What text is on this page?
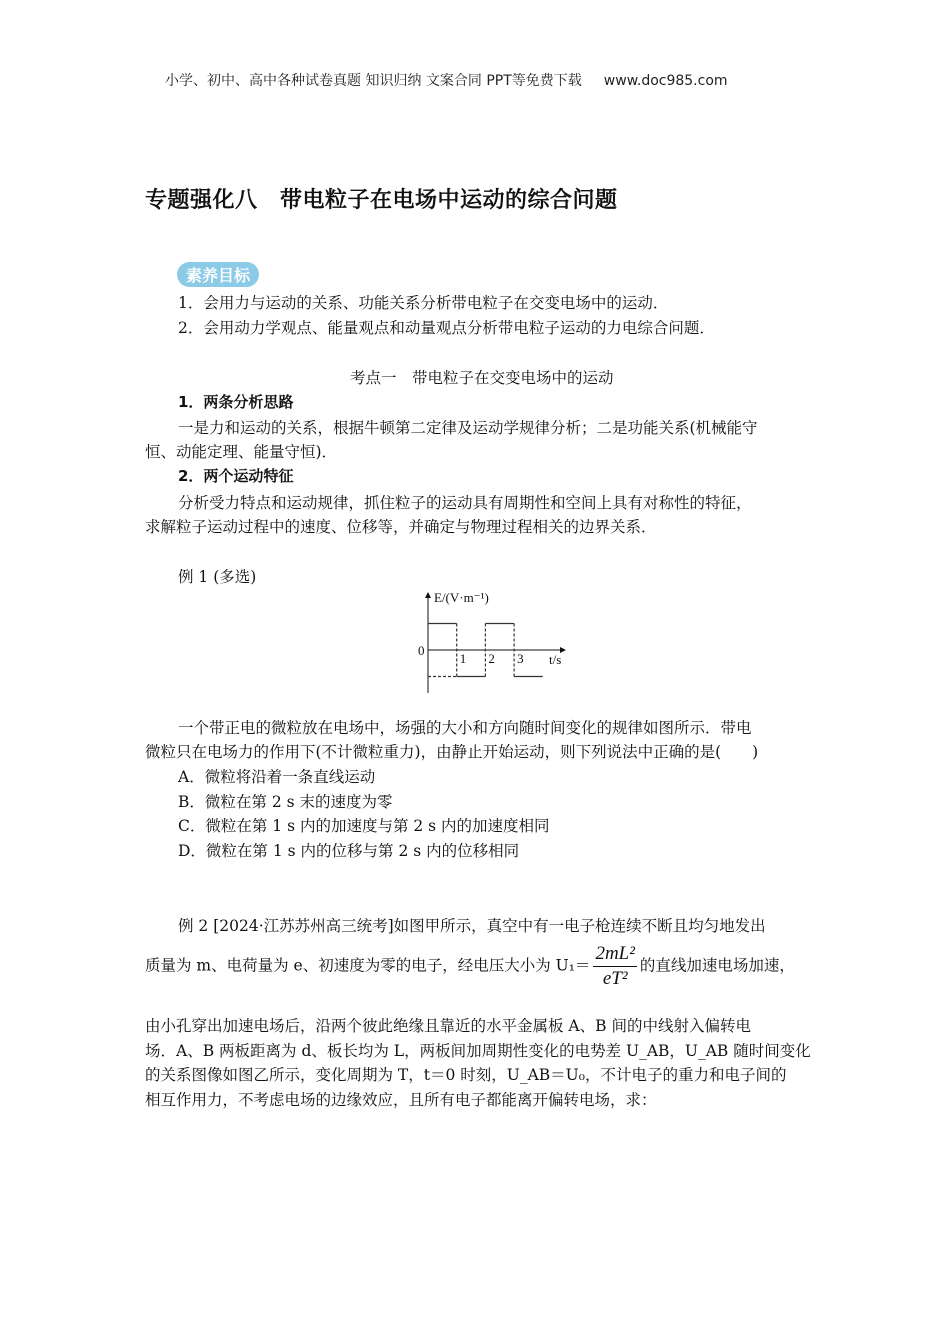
小学、初中、高中各种试卷真题 知识归纳 文案合同 PPT等免费下载 www.doc985.com
专题强化八　带电粒子在电场中运动的综合问题
素养目标
1．会用力与运动的关系、功能关系分析带电粒子在交变电场中的运动．
2．会用动力学观点、能量观点和动量观点分析带电粒子运动的力电综合问题．
考点一　带电粒子在交变电场中的运动
1．两条分析思路
一是力和运动的关系，根据牛顿第二定律及运动学规律分析；二是功能关系(机械能守
恒、动能定理、能量守恒)．
2．两个运动特征
分析受力特点和运动规律，抓住粒子的运动具有周期性和空间上具有对称性的特征，
求解粒子运动过程中的速度、位移等，并确定与物理过程相关的边界关系．
例 1 (多选)
E/(V·m⁻¹)
t/s
0
1 2 3
一个带正电的微粒放在电场中，场强的大小和方向随时间变化的规律如图所示．带电
微粒只在电场力的作用下(不计微粒重力)，由静止开始运动，则下列说法中正确的是(　　)
A．微粒将沿着一条直线运动
B．微粒在第 2 s 末的速度为零
C．微粒在第 1 s 内的加速度与第 2 s 内的加速度相同
D．微粒在第 1 s 内的位移与第 2 s 内的位移相同
例 2 [2024·江苏苏州高三统考]如图甲所示，真空中有一电子枪连续不断且均匀地发出
质量为 m、电荷量为 e、初速度为零的电子，经电压大小为 $U_1= \frac{\text{2mL²}}{\text{eT²}}$ 的直线加速电场加速，
由小孔穿出加速电场后，沿两个彼此绝缘且靠近的水平金属板 A、B 间的中线射入偏转电
场．A、B 两板距离为 d、板长均为 L，两板间加周期性变化的电势差 U_AB，U_AB 随时间变化
的关系图像如图乙所示，变化周期为 T，t＝0 时刻，U_AB＝U₀，不计电子的重力和电子间的
相互作用力，不考虑电场的边缘效应，且所有电子都能离开偏转电场，求：
